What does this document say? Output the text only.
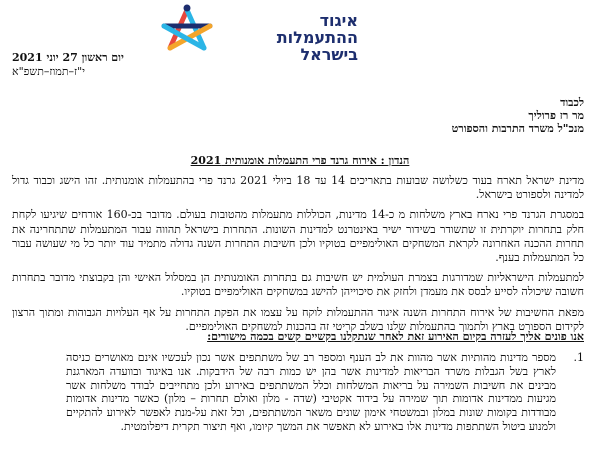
איגוד
ההתעמלות
בישראל
יום ראשון 27 יוני 2021
י"ז–תמוז–תשפ"א
לכבוד
מר רז פרוליך
מנכ"ל משרד התרבות והספורט
הנדון : אירוח גרנד פרי התעמלות אומנותית 2021

מדינת ישראל תארח בעוד כשלושה שבועות בתאריכים 14 עד 18 ביולי 2021 גרנד פרי בהתעמלות אומנותית. זהו הישג וכבוד גדול למדינה ולספורט בישראל.

במסגרת הגרנד פרי נארח בארץ משלחות מ כ-14 מדינות, הכוללות מתעמלות מהטובות בעולם. מדובר בכ-160 אורחים שיגיעו לקחת חלק בתחרות יוקרתית זו שתשודר בשידור ישיר באינטרנט למדינות השונות. התחרות בישראל תהווה עבור המתעמלות שתתחרינה את תחרות ההכנה האחרונה לקראת המשחקים האולימפיים בטוקיו ולכן חשיבות התחרות השנה גדולה מתמיד עוד יותר כל מי שעושה עבור כל המתעמלות בענף.

למתעמלות הישראליות שמדורגות בצמרת העולמית יש חשיבות גם בתחרות האומנותית הן במסלול האישי והן בקבוצתי מדובר בתחרות חשובה שיכולה לסייע לבסס את מעמדן ולחזק את סיכוייהן להישג במשחקים האולימפיים בטוקיו.

מפאת החשיבות של אירוח התחרות השנה איגוד ההתעמלות לוקח על עצמו את הפקת התחרות על אף העלויות הגבוהות ומתוך הרצון לקידום הספורט בארץ ולתמוך בהתעמלות שלנו בשלב קריטי זה בהכנות למשחקים האולימפיים.

אנו פונים אליך לעזרה בקיום האירוע זאת לאחר שנתקלנו בקשיים קשים בכמה מישורים:
1.
מספר מדינות מהותיות אשר מהוות את לב הענף ומספר רב של משתתפים אשר נכון לעכשיו אינם מאושרים כניסה לארץ בשל הגבלות משרד הבריאות למדינות אשר בהן יש כמות רבה של הידבקות. אנו באיגוד ובוועדה המארגנת מבינים את חשיבות השמירה על בריאות המשלחות וכלל המשתתפים באירוע ולכן מתחייבים לבודד משלחות אשר מגיעות ממדינות אדומות תוך שמירה על בידוד אקטיבי (שדה - מלון ואולם תחרות – מלון) כאשר מדינות אדומות מבודדות בקומות שונות במלון ובמשטחי אימון שונים משאר המשתתפים, וכל זאת על-מנת לאפשר לאירוע להתקיים ולמנוע ביטול השתתפות מדינות אלו באירוע לא תאפשר את המשך קיומו, ואף תיצור תקרית דיפלומטית.
